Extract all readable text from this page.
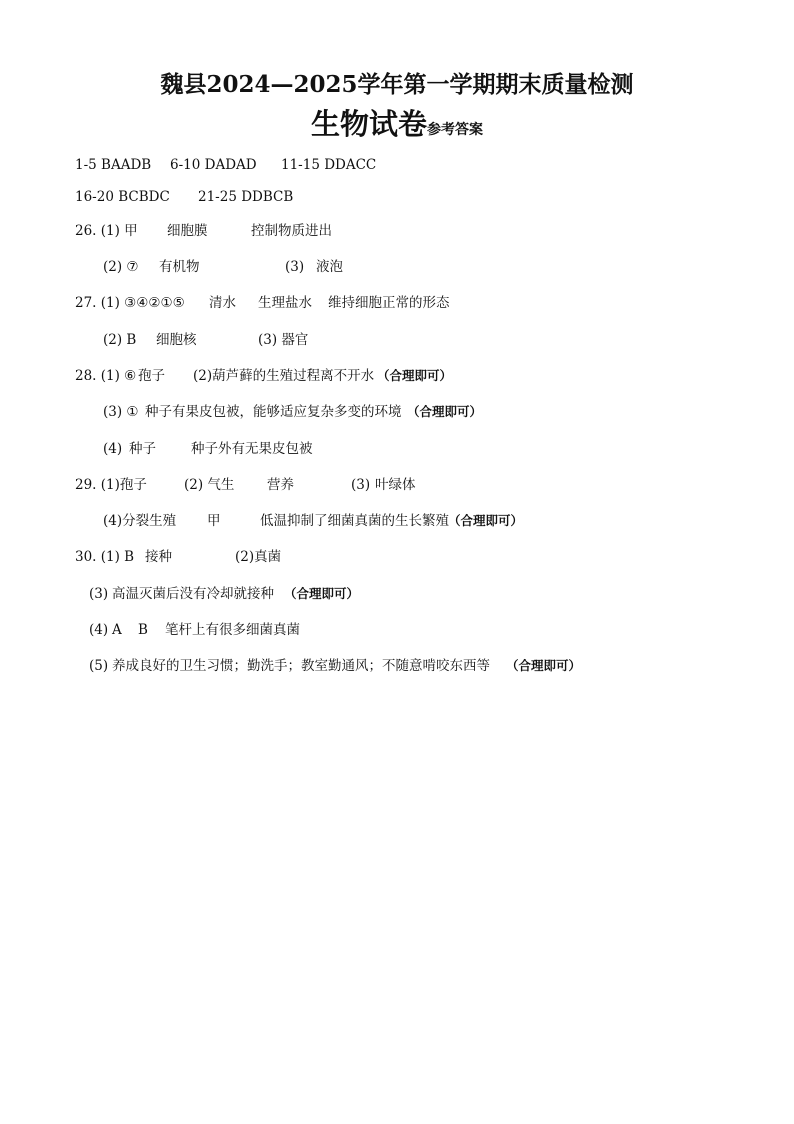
魏县2024—2025学年第一学期期末质量检测
生物试卷参考答案
1-5 BAADB 6-10 DADAD 11-15 DDACC
16-20 BCBDC 21-25 DDBCB
26. (1) 甲 细胞膜	控制物质进出
(2) ⑦ 有机物	(3) 液泡
27. (1) ③④②①⑤ 清水 生理盐水 维持细胞正常的形态
(2) B 细胞核	(3) 器官
28. (1) ⑥ 孢子 (2)葫芦藓的生殖过程离不开水 （合理即可）
(3) ① 种子有果皮包被，能够适应复杂多变的环境 （合理即可）
(4) 种子	种子外有无果皮包被
29. (1)孢子	(2) 气生 营养	(3) 叶绿体
(4)分裂生殖 甲	低温抑制了细菌真菌的生长繁殖 （合理即可）
30. (1) B 接种	(2)真菌
(3) 高温灭菌后没有冷却就接种 （合理即可）
(4) A B 笔杆上有很多细菌真菌
(5) 养成良好的卫生习惯；勤洗手；教室勤通风；不随意啃咬东西等 （合理即可）
